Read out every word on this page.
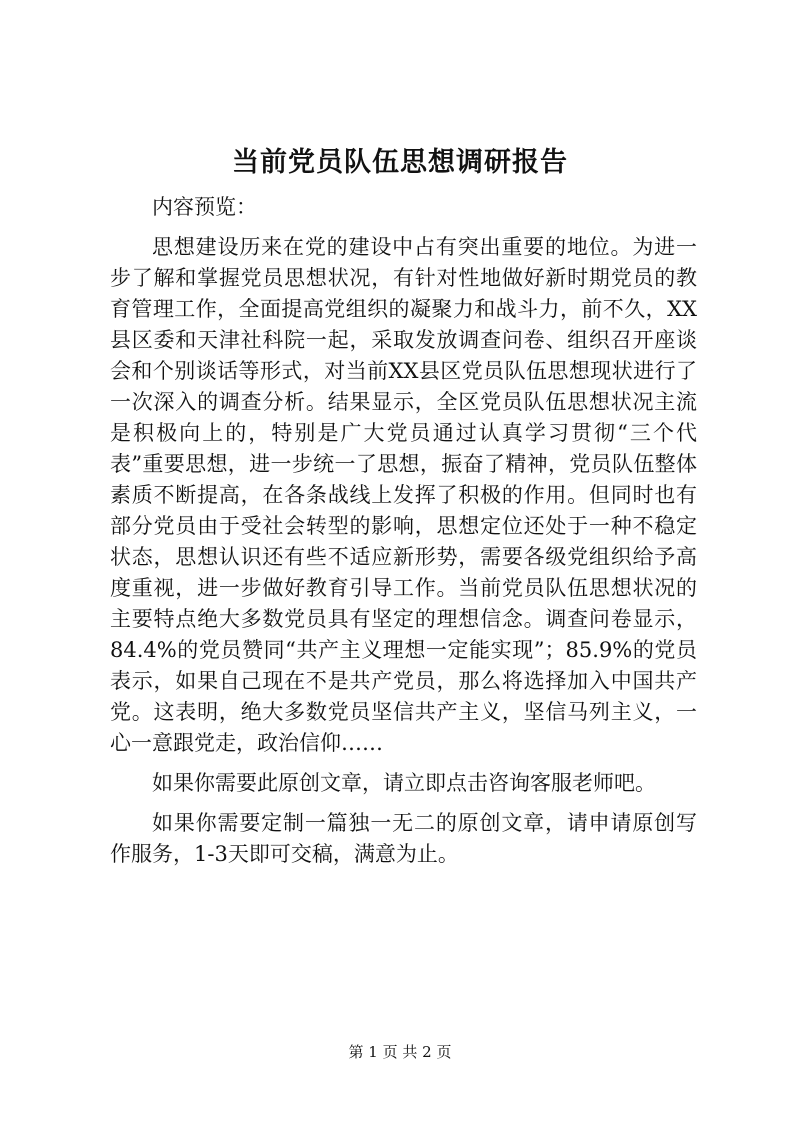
当前党员队伍思想调研报告

内容预览：

思想建设历来在党的建设中占有突出重要的地位。为进一步了解和掌握党员思想状况，有针对性地做好新时期党员的教育管理工作，全面提高党组织的凝聚力和战斗力，前不久，XX县区委和天津社科院一起，采取发放调查问卷、组织召开座谈会和个别谈话等形式，对当前XX县区党员队伍思想现状进行了一次深入的调查分析。结果显示，全区党员队伍思想状况主流是积极向上的，特别是广大党员通过认真学习贯彻“三个代表”重要思想，进一步统一了思想，振奋了精神，党员队伍整体素质不断提高，在各条战线上发挥了积极的作用。但同时也有部分党员由于受社会转型的影响，思想定位还处于一种不稳定状态，思想认识还有些不适应新形势，需要各级党组织给予高度重视，进一步做好教育引导工作。当前党员队伍思想状况的主要特点绝大多数党员具有坚定的理想信念。调查问卷显示，84.4%的党员赞同“共产主义理想一定能实现”；85.9%的党员表示，如果自己现在不是共产党员，那么将选择加入中国共产党。这表明，绝大多数党员坚信共产主义，坚信马列主义，一心一意跟党走，政治信仰……

如果你需要此原创文章，请立即点击咨询客服老师吧。

如果你需要定制一篇独一无二的原创文章，请申请原创写作服务，1-3天即可交稿，满意为止。

第 1 页 共 2 页
